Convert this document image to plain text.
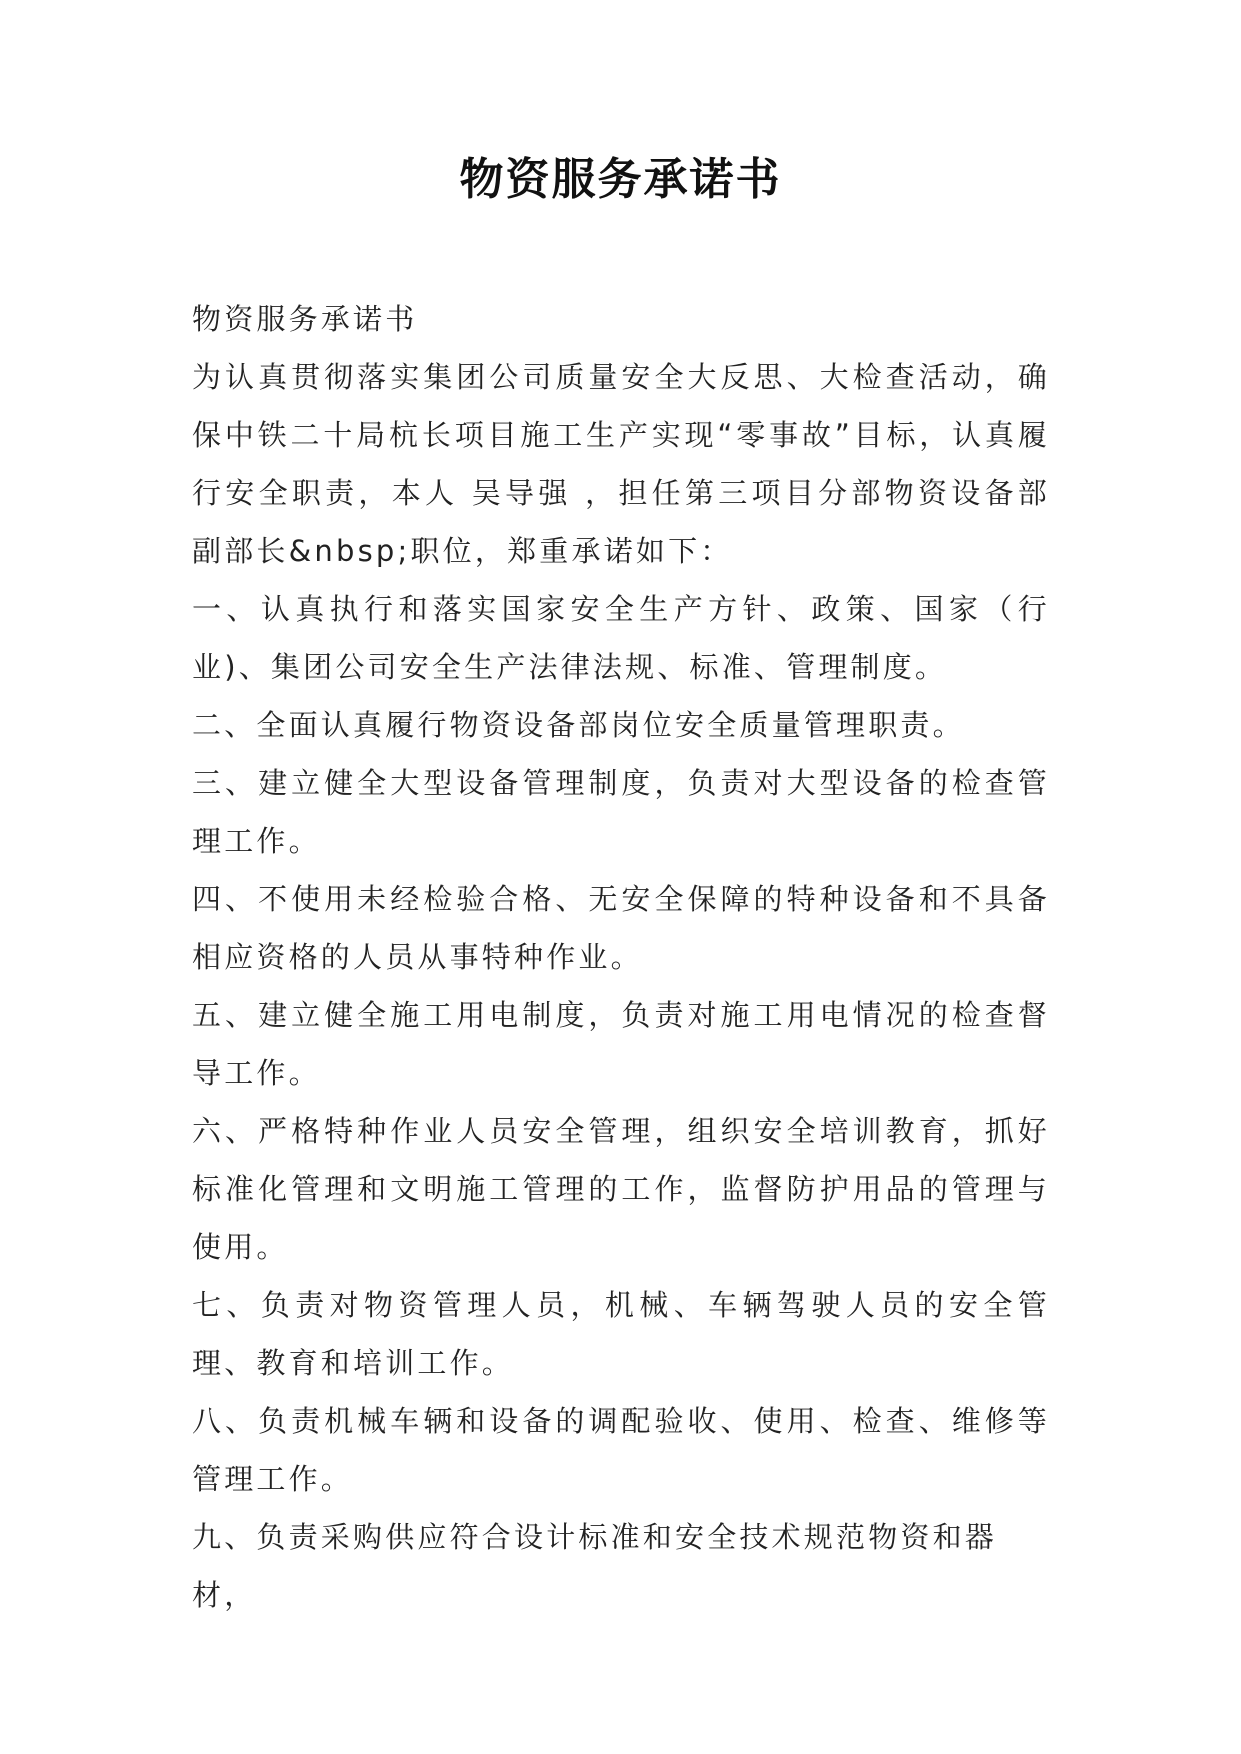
物资服务承诺书

物资服务承诺书

为认真贯彻落实集团公司质量安全大反思、大检查活动，确保中铁二十局杭长项目施工生产实现“零事故”目标，认真履行安全职责，本人 吴导强 ，担任第三项目分部物资设备部 副部长&nbsp;职位，郑重承诺如下：

一、认真执行和落实国家安全生产方针、政策、国家（行业)、集团公司安全生产法律法规、标准、管理制度。

二、全面认真履行物资设备部岗位安全质量管理职责。

三、建立健全大型设备管理制度，负责对大型设备的检查管理工作。

四、不使用未经检验合格、无安全保障的特种设备和不具备相应资格的人员从事特种作业。

五、建立健全施工用电制度，负责对施工用电情况的检查督导工作。

六、严格特种作业人员安全管理，组织安全培训教育，抓好标准化管理和文明施工管理的工作，监督防护用品的管理与使用。

七、负责对物资管理人员，机械、车辆驾驶人员的安全管理、教育和培训工作。

八、负责机械车辆和设备的调配验收、使用、检查、维修等管理工作。

九、负责采购供应符合设计标准和安全技术规范物资和器材，
